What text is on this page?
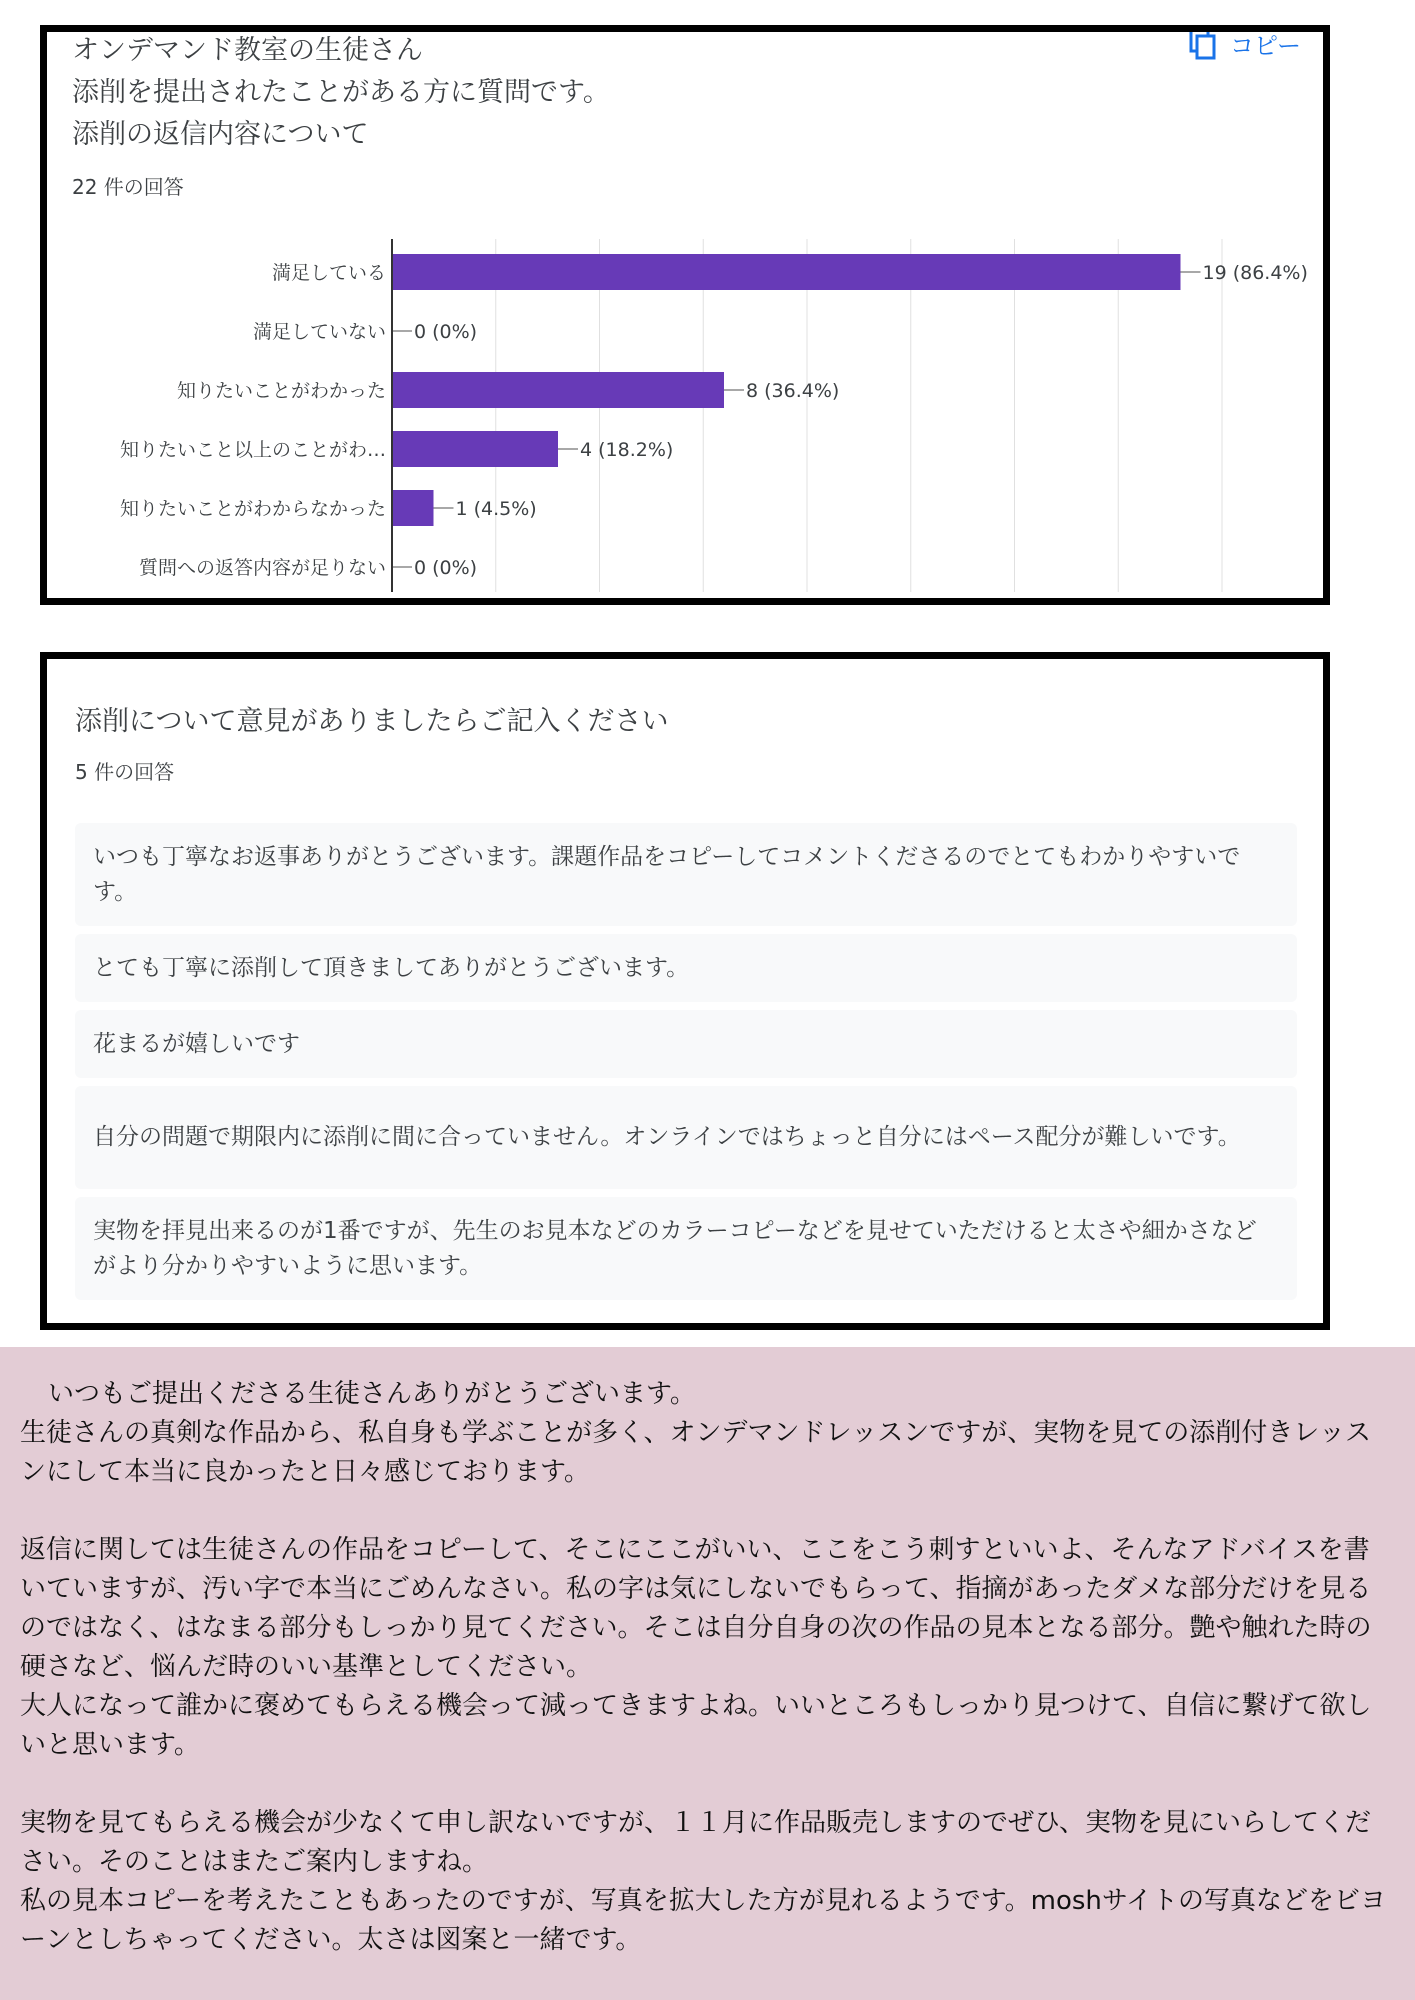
オンデマンド教室の生徒さん
添削を提出されたことがある方に質問です。
添削の返信内容について
22 件の回答
コピー
満足している	19 (86.4%)
満足していない 0 (0%)
知りたいことがわかった	8 (36.4%)
知りたいこと以上のことがわ…	4 (18.2%)
知りたいことがわからなかった	1 (4.5%)
質問への返答内容が足りない 0 (0%)
添削について意見がありましたらご記入ください
5 件の回答
いつも丁寧なお返事ありがとうございます。課題作品をコピーしてコメントくださるのでとてもわかりやすいです。
とても丁寧に添削して頂きましてありがとうございます。
花まるが嬉しいです
自分の問題で期限内に添削に間に合っていません。オンラインではちょっと自分にはペース配分が難しいです。
実物を拝見出来るのが1番ですが、先生のお見本などのカラーコピーなどを見せていただけると太さや細かさなどがより分かりやすいように思います。

いつもご提出くださる生徒さんありがとうございます。

生徒さんの真剣な作品から、私自身も学ぶことが多く、オンデマンドレッスンですが、実物を見ての添削付きレッスンにして本当に良かったと日々感じております。

返信に関しては生徒さんの作品をコピーして、そこにここがいい、ここをこう刺すといいよ、そんなアドバイスを書いていますが、汚い字で本当にごめんなさい。私の字は気にしないでもらって、指摘があったダメな部分だけを見るのではなく、はなまる部分もしっかり見てください。そこは自分自身の次の作品の見本となる部分。艶や触れた時の硬さなど、悩んだ時のいい基準としてください。

大人になって誰かに褒めてもらえる機会って減ってきますよね。いいところもしっかり見つけて、自信に繋げて欲しいと思います。

実物を見てもらえる機会が少なくて申し訳ないですが、１１月に作品販売しますのでぜひ、実物を見にいらしてください。そのことはまたご案内しますね。

私の見本コピーを考えたこともあったのですが、写真を拡大した方が見れるようです。moshサイトの写真などをビヨーンとしちゃってください。太さは図案と一緒です。
